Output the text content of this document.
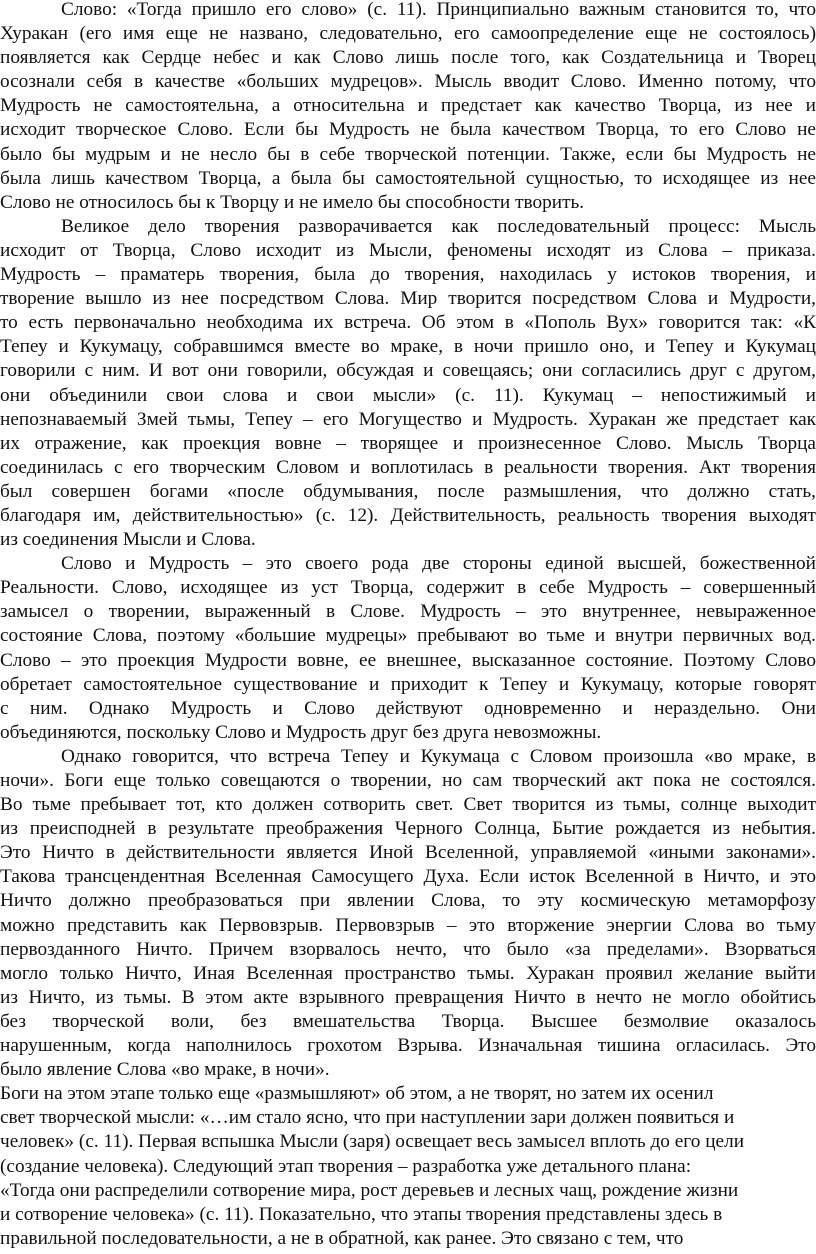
Слово: «Тогда пришло его слово» (с. 11). Принципиально важным становится то, что
Хуракан (его имя еще не названо, следовательно, его самоопределение еще не состоялось)
появляется как Сердце небес и как Слово лишь после того, как Создательница и Творец
осознали себя в качестве «больших мудрецов». Мысль вводит Слово. Именно потому, что
Мудрость не самостоятельна, а относительна и предстает как качество Творца, из нее и
исходит творческое Слово. Если бы Мудрость не была качеством Творца, то его Слово не
было бы мудрым и не несло бы в себе творческой потенции. Также, если бы Мудрость не
была лишь качеством Творца, а была бы самостоятельной сущностью, то исходящее из нее
Слово не относилось бы к Творцу и не имело бы способности творить.
Великое дело творения разворачивается как последовательный процесс: Мысль
исходит от Творца, Слово исходит из Мысли, феномены исходят из Слова – приказа.
Мудрость – праматерь творения, была до творения, находилась у истоков творения, и
творение вышло из нее посредством Слова. Мир творится посредством Слова и Мудрости,
то есть первоначально необходима их встреча. Об этом в «Пополь Вух» говорится так: «К
Тепеу и Кукумацу, собравшимся вместе во мраке, в ночи пришло оно, и Тепеу и Кукумац
говорили с ним. И вот они говорили, обсуждая и совещаясь; они согласились друг с другом,
они объединили свои слова и свои мысли» (с. 11). Кукумац – непостижимый и
непознаваемый Змей тьмы, Тепеу – его Могущество и Мудрость. Хуракан же предстает как
их отражение, как проекция вовне – творящее и произнесенное Слово. Мысль Творца
соединилась с его творческим Словом и воплотилась в реальности творения. Акт творения
был совершен богами «после обдумывания, после размышления, что должно стать,
благодаря им, действительностью» (с. 12). Действительность, реальность творения выходят
из соединения Мысли и Слова.
Слово и Мудрость – это своего рода две стороны единой высшей, божественной
Реальности. Слово, исходящее из уст Творца, содержит в себе Мудрость – совершенный
замысел о творении, выраженный в Слове. Мудрость – это внутреннее, невыраженное
состояние Слова, поэтому «большие мудрецы» пребывают во тьме и внутри первичных вод.
Слово – это проекция Мудрости вовне, ее внешнее, высказанное состояние. Поэтому Слово
обретает самостоятельное существование и приходит к Тепеу и Кукумацу, которые говорят
с ним. Однако Мудрость и Слово действуют одновременно и нераздельно. Они
объединяются, поскольку Слово и Мудрость друг без друга невозможны.
Однако говорится, что встреча Тепеу и Кукумаца с Словом произошла «во мраке, в
ночи». Боги еще только совещаются о творении, но сам творческий акт пока не состоялся.
Во тьме пребывает тот, кто должен сотворить свет. Свет творится из тьмы, солнце выходит
из преисподней в результате преображения Черного Солнца, Бытие рождается из небытия.
Это Ничто в действительности является Иной Вселенной, управляемой «иными законами».
Такова трансцендентная Вселенная Самосущего Духа. Если исток Вселенной в Ничто, и это
Ничто должно преобразоваться при явлении Слова, то эту космическую метаморфозу
можно представить как Первовзрыв. Первовзрыв – это вторжение энергии Слова во тьму
первозданного Ничто. Причем взорвалось нечто, что было «за пределами». Взорваться
могло только Ничто, Иная Вселенная пространство тьмы. Хуракан проявил желание выйти
из Ничто, из тьмы. В этом акте взрывного превращения Ничто в нечто не могло обойтись
без творческой воли, без вмешательства Творца. Высшее безмолвие оказалось
нарушенным, когда наполнилось грохотом Взрыва. Изначальная тишина огласилась. Это
было явление Слова «во мраке, в ночи».
Боги на этом этапе только еще «размышляют» об этом, а не творят, но затем их осенил
свет творческой мысли: «…им стало ясно, что при наступлении зари должен появиться и
человек» (с. 11). Первая вспышка Мысли (заря) освещает весь замысел вплоть до его цели
(создание человека). Следующий этап творения – разработка уже детального плана:
«Тогда они распределили сотворение мира, рост деревьев и лесных чащ, рождение жизни
и сотворение человека» (с. 11). Показательно, что этапы творения представлены здесь в
правильной последовательности, а не в обратной, как ранее. Это связано с тем, что
